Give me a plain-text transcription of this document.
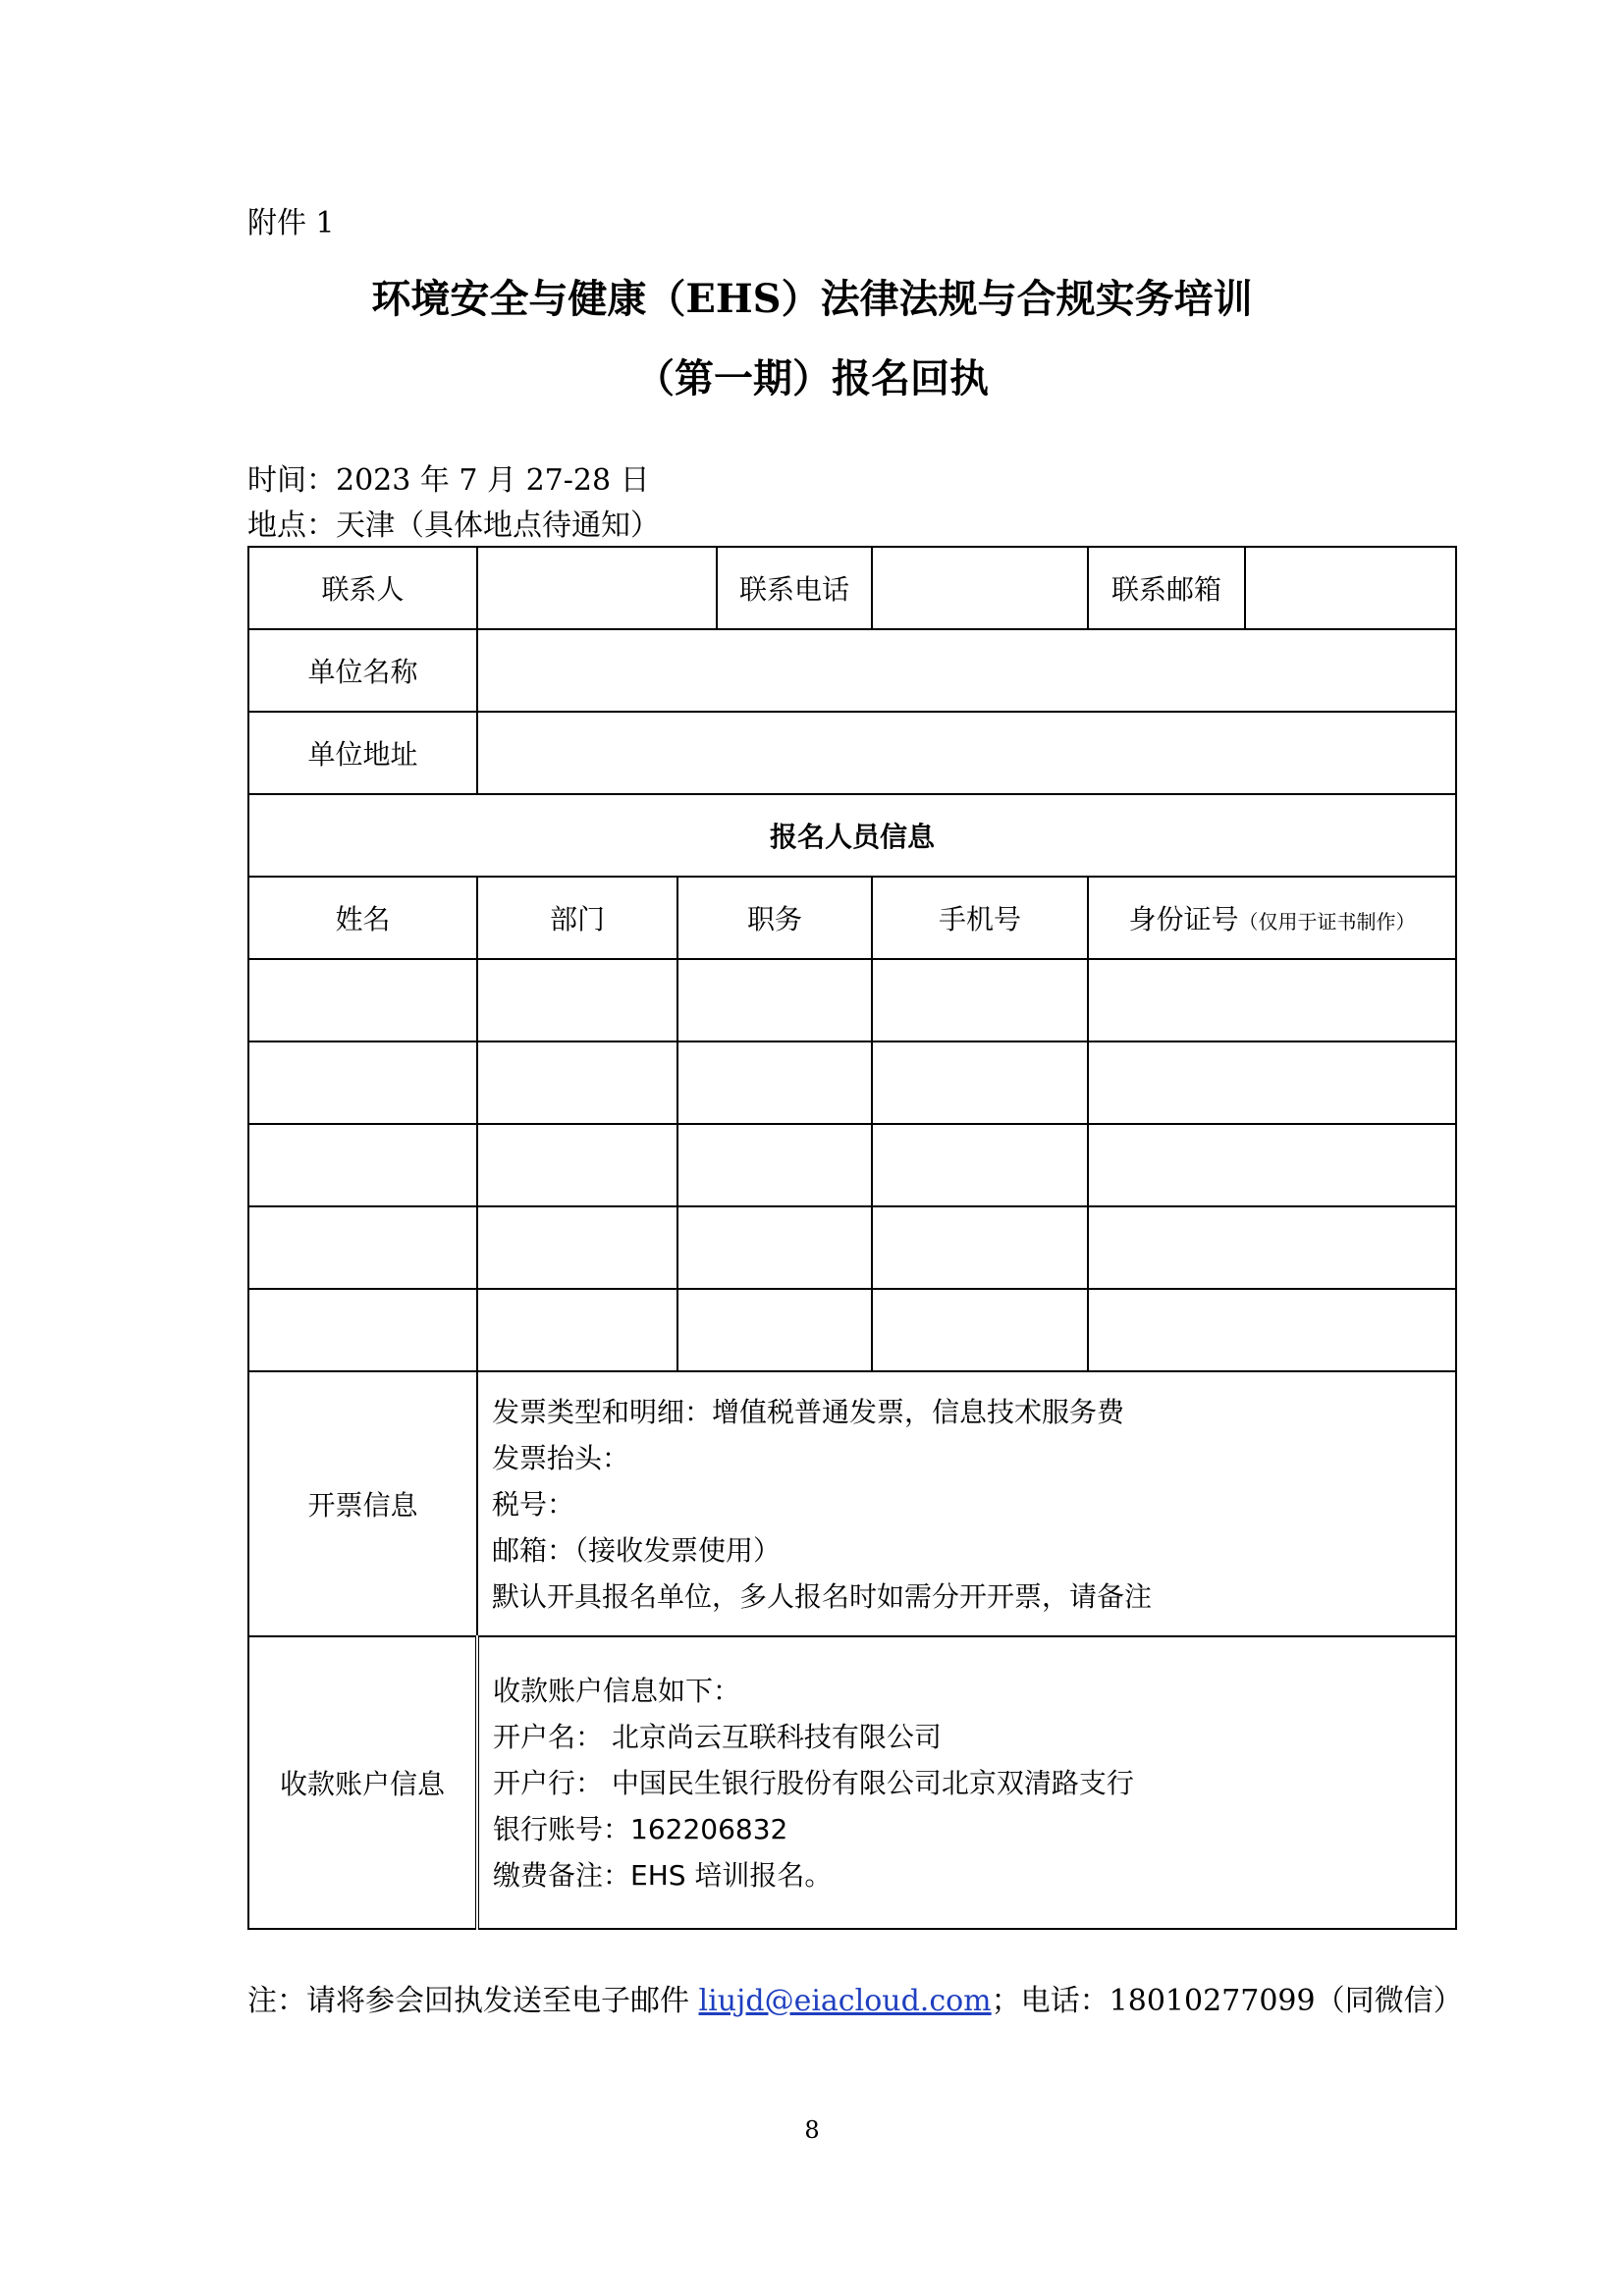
附件 1
环境安全与健康（EHS）法律法规与合规实务培训
（第一期）报名回执
时间：2023 年 7 月 27-28 日
地点：天津（具体地点待通知）
联系人			联系电话		联系邮箱	
单位名称						
单位地址						
报名人员信息						
姓名	部门	职务		手机号	身份证号（仅用于证书制作）	

开票信息	发票类型和明细：增值税普通发票，信息技术服务费
发票抬头：
税号：
邮箱：（接收发票使用）
默认开具报名单位，多人报名时如需分开开票，请备注					

收款账户信息	收款账户信息如下：
开户名： 北京尚云互联科技有限公司
开户行： 中国民生银行股份有限公司北京双清路支行
银行账号：162206832
缴费备注：EHS 培训报名。					
注：请将参会回执发送至电子邮件 liujd@eiacloud.com；电话：18010277099（同微信）
8
